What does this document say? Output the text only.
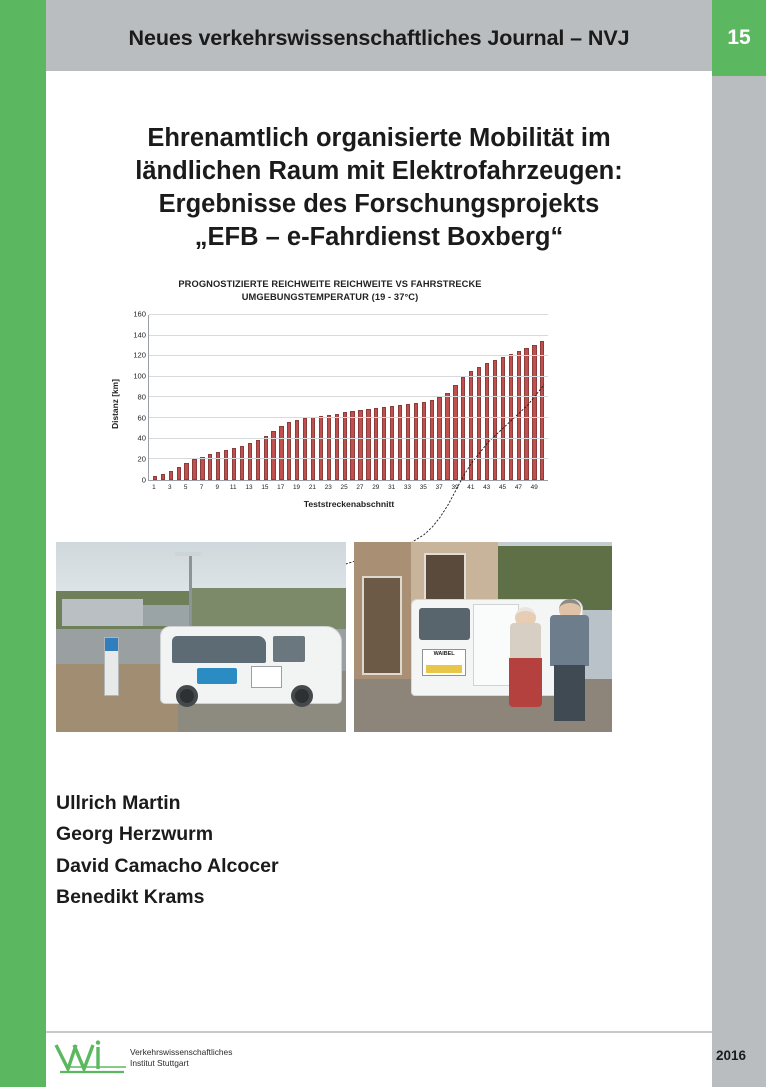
Neues verkehrswissenschaftliches Journal – NVJ	15
Ehrenamtlich organisierte Mobilität im
ländlichen Raum mit Elektrofahrzeugen:
Ergebnisse des Forschungsprojekts
„EFB – e-Fahrdienst Boxberg“
PROGNOSTIZIERTE REICHWEITE REICHWEITE VS FAHRSTRECKE
UMGEBUNGSTEMPERATUR (19 - 37°C)
Distanz [km]
0
20
40
60
80
100
120
140
160
1	3	5	7	9	11 13 15 17 19 21 23 25 27 29 31 33 35 37 39 41 43 45 47 49
Teststreckenabschnitt
WAIBEL
Ullrich Martin
Georg Herzwurm
David Camacho Alcocer
Benedikt Krams
Verkehrswissenschaftliches
Institut Stuttgart
2016
